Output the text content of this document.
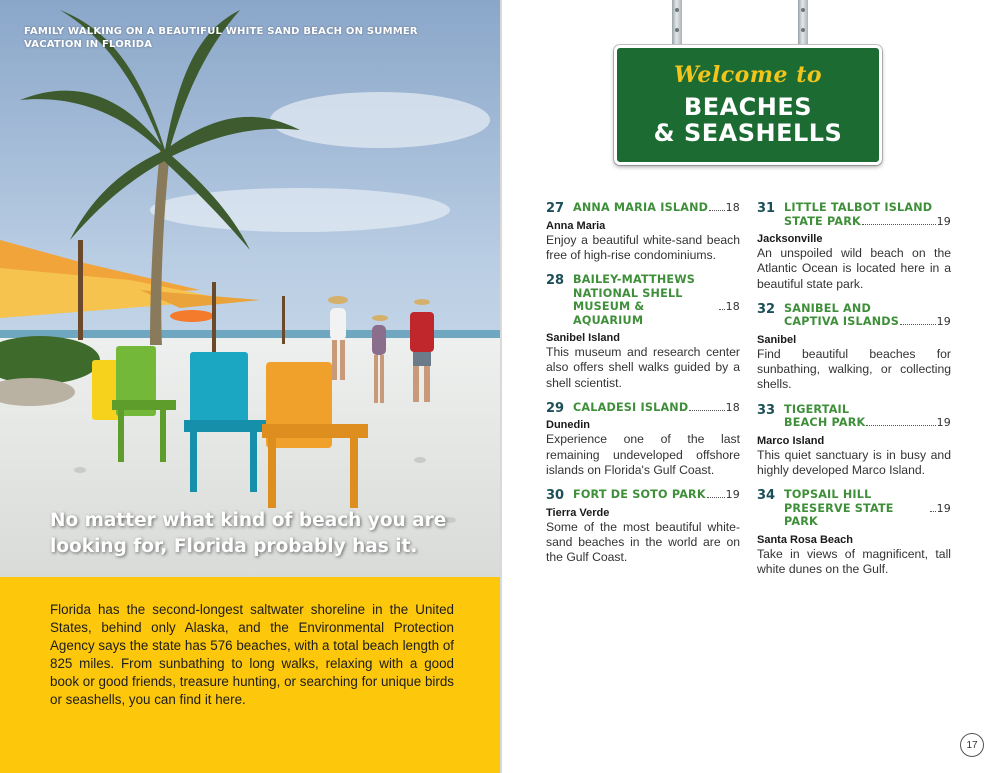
FAMILY WALKING ON A BEAUTIFUL WHITE SAND BEACH ON SUMMER VACATION IN FLORIDA
No matter what kind of beach you are looking for, Florida probably has it.

Florida has the second-longest saltwater shoreline in the United States, behind only Alaska, and the Environmental Protection Agency says the state has 576 beaches, with a total beach length of 825 miles. From sunbathing to long walks, relaxing with a good book or good friends, treasure hunting, or searching for unique birds or seashells, you can find it here.

Welcome to
BEACHES
& SEASHELLS
27 ANNA MARIA ISLAND 18
Anna Maria
Enjoy a beautiful white-sand beach free of high-rise condominiums.
28 BAILEY-MATTHEWS
NATIONAL SHELL
MUSEUM & AQUARIUM
18
Sanibel Island
This museum and research center also offers shell walks guided by a shell scientist.
29 CALADESI ISLAND	18
Dunedin
Experience one of the last remaining undeveloped offshore islands on Florida's Gulf Coast.
30 FORT DE SOTO PARK 19
Tierra Verde
Some of the most beautiful white-sand beaches in the world are on the Gulf Coast.
31 LITTLE TALBOT ISLAND
STATE PARK	19
Jacksonville
An unspoiled wild beach on the Atlantic Ocean is located here in a beautiful state park.
32 SANIBEL AND
CAPTIVA ISLANDS	19
Sanibel
Find beautiful beaches for sunbathing, walking, or collecting shells.
33 TIGERTAIL
BEACH PARK	19
Marco Island
This quiet sanctuary is in busy and highly developed Marco Island.
34 TOPSAIL HILL
PRESERVE STATE PARK
19
Santa Rosa Beach
Take in views of magnificent, tall white dunes on the Gulf.
17
